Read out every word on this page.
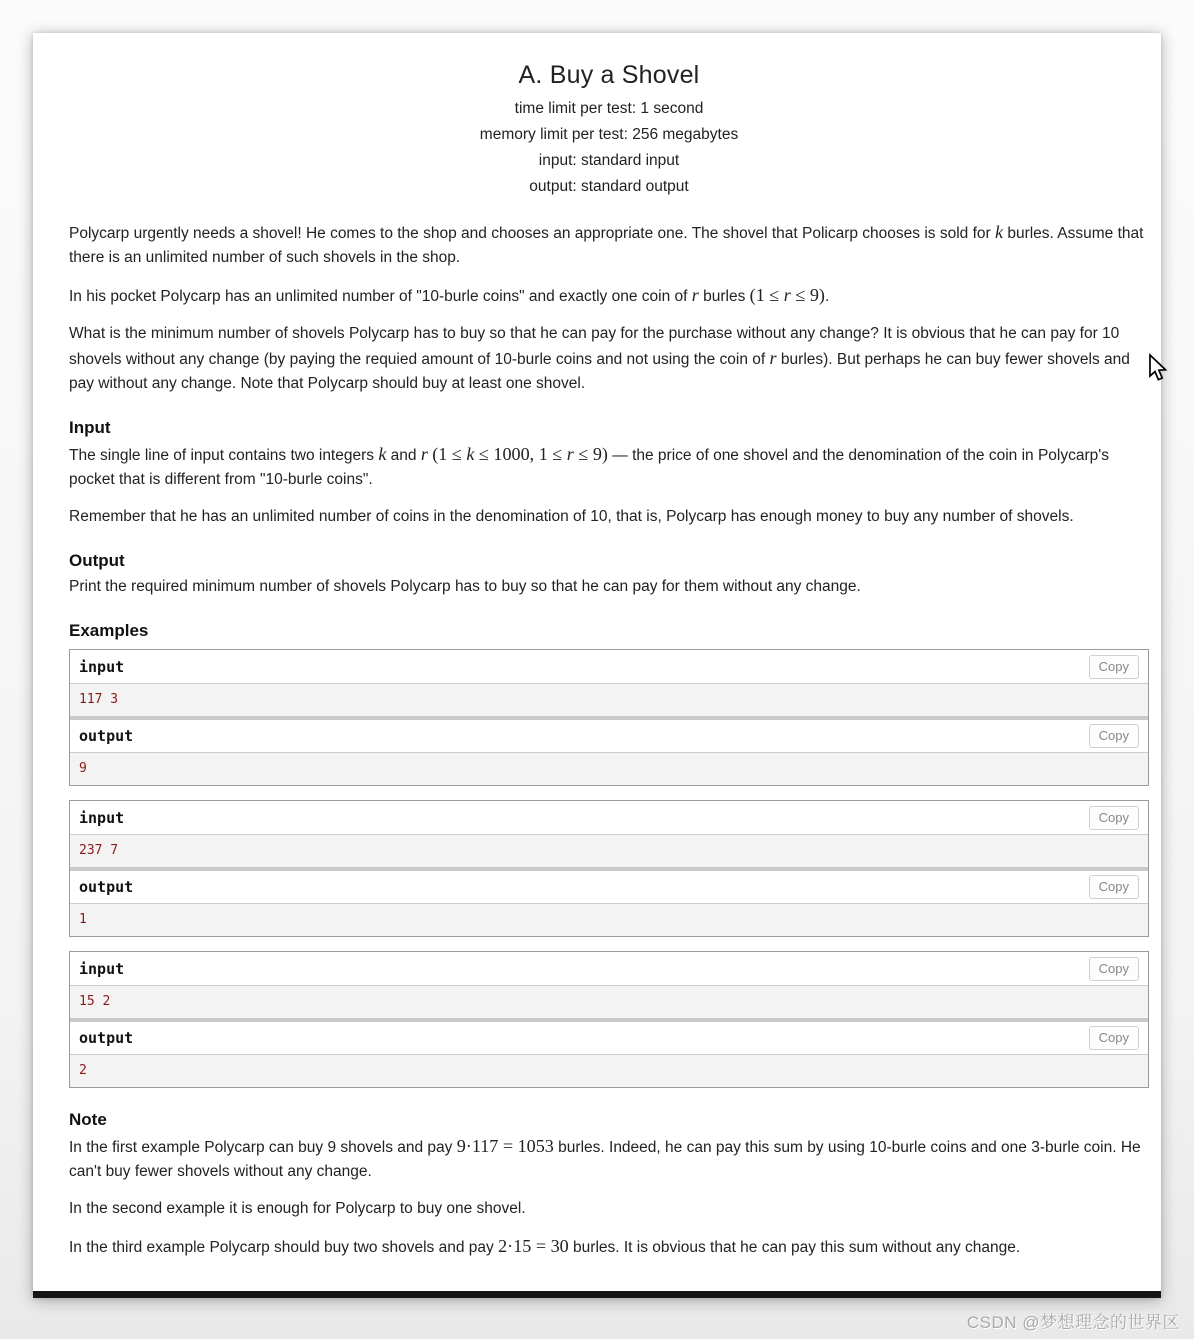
A. Buy a Shovel
time limit per test: 1 second
memory limit per test: 256 megabytes
input: standard input
output: standard output

Polycarp urgently needs a shovel! He comes to the shop and chooses an appropriate one. The shovel that Policarp chooses is sold for k burles. Assume that there is an unlimited number of such shovels in the shop.

In his pocket Polycarp has an unlimited number of "10-burle coins" and exactly one coin of r burles (1 ≤ r ≤ 9).

What is the minimum number of shovels Polycarp has to buy so that he can pay for the purchase without any change? It is obvious that he can pay for 10 shovels without any change (by paying the requied amount of 10-burle coins and not using the coin of r burles). But perhaps he can buy fewer shovels and pay without any change. Note that Polycarp should buy at least one shovel.

Input

The single line of input contains two integers k and r (1 ≤ k ≤ 1000, 1 ≤ r ≤ 9) — the price of one shovel and the denomination of the coin in Polycarp's pocket that is different from "10-burle coins".

Remember that he has an unlimited number of coins in the denomination of 10, that is, Polycarp has enough money to buy any number of shovels.

Output

Print the required minimum number of shovels Polycarp has to buy so that he can pay for them without any change.

Examples
input	Copy
117 3
output	Copy
9
input	Copy
237 7
output	Copy
1
input	Copy
15 2
output	Copy
2
Note

In the first example Polycarp can buy 9 shovels and pay 9·117 = 1053 burles. Indeed, he can pay this sum by using 10-burle coins and one 3-burle coin. He can't buy fewer shovels without any change.

In the second example it is enough for Polycarp to buy one shovel.

In the third example Polycarp should buy two shovels and pay 2·15 = 30 burles. It is obvious that he can pay this sum without any change.

CSDN @梦想理念的世界区
